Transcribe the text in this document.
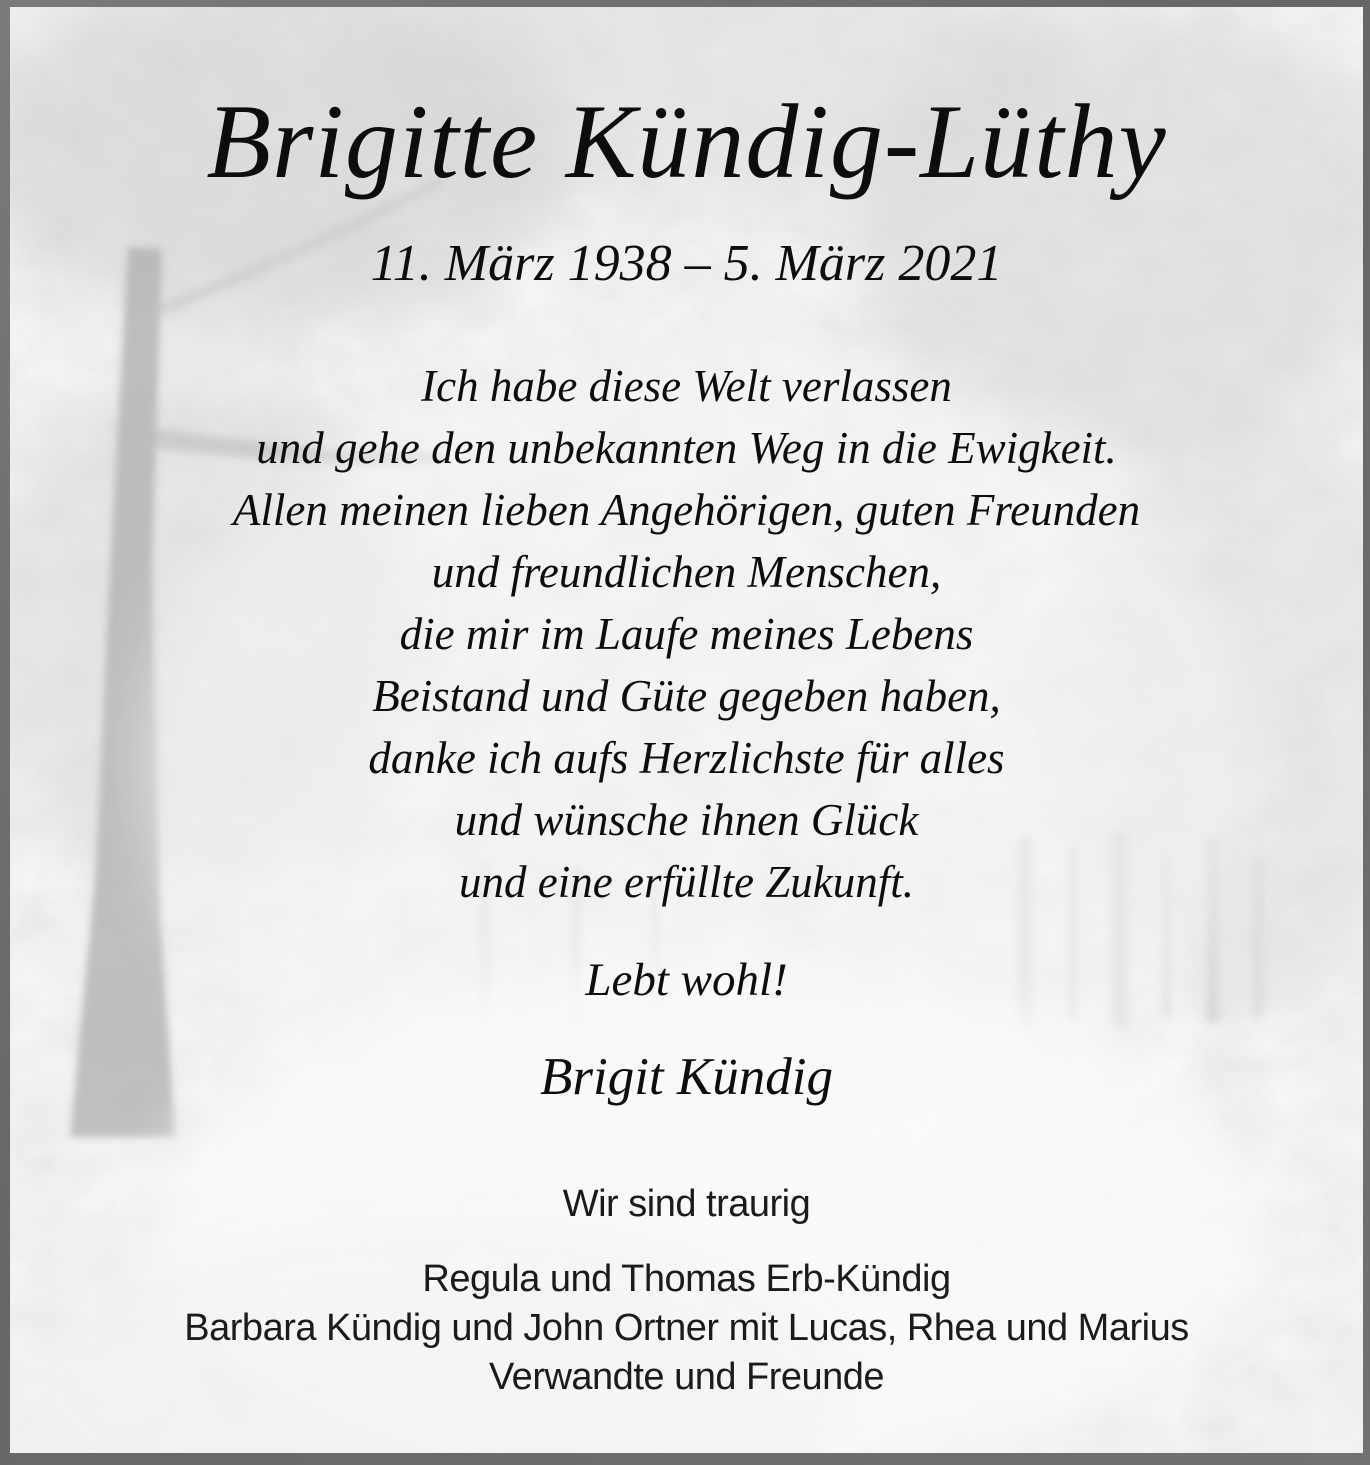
Brigitte Kündig-Lüthy
11. März 1938 – 5. März 2021
Ich habe diese Welt verlassen
und gehe den unbekannten Weg in die Ewigkeit.
Allen meinen lieben Angehörigen, guten Freunden
und freundlichen Menschen,
die mir im Laufe meines Lebens
Beistand und Güte gegeben haben,
danke ich aufs Herzlichste für alles
und wünsche ihnen Glück
und eine erfüllte Zukunft.
Lebt wohl!
Brigit Kündig
Wir sind traurig
Regula und Thomas Erb-Kündig
Barbara Kündig und John Ortner mit Lucas, Rhea und Marius
Verwandte und Freunde
